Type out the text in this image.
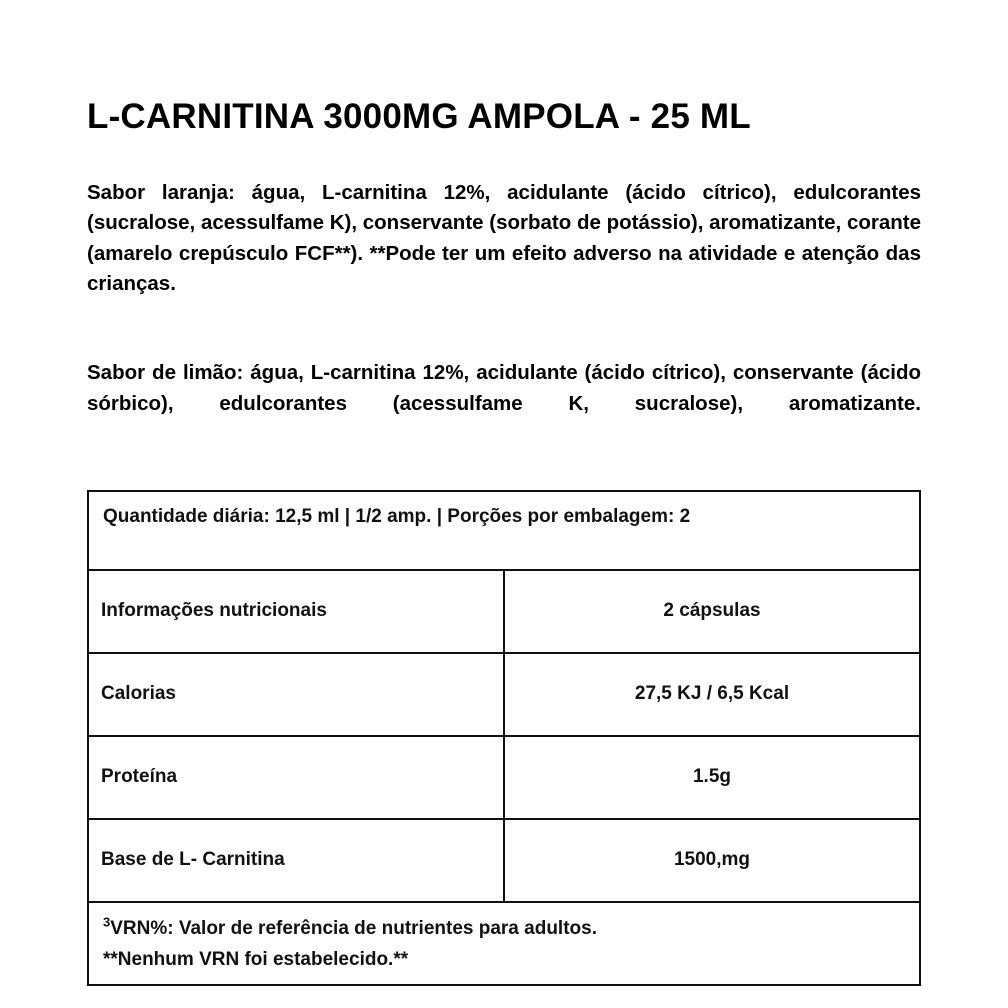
L-CARNITINA 3000MG AMPOLA - 25 ML

Sabor laranja: água, L-carnitina 12%, acidulante (ácido cítrico), edulcorantes (sucralose, acessulfame K), conservante (sorbato de potássio), aromatizante, corante (amarelo crepúsculo FCF**). **Pode ter um efeito adverso na atividade e atenção das crianças.

Sabor de limão: água, L-carnitina 12%, acidulante (ácido cítrico), conservante (ácido sórbico), edulcorantes (acessulfame K, sucralose), aromatizante.

Quantidade diária: 12,5 ml | 1/2 amp. | Porções por embalagem: 2	
Informações nutricionais	2 cápsulas
Calorias	27,5 KJ / 6,5 Kcal
Proteína	1.5g
Base de L- Carnitina	1500,mg

$^3$VRN%: Valor de referência de nutrientes para adultos.
**Nenhum VRN foi estabelecido.**	
